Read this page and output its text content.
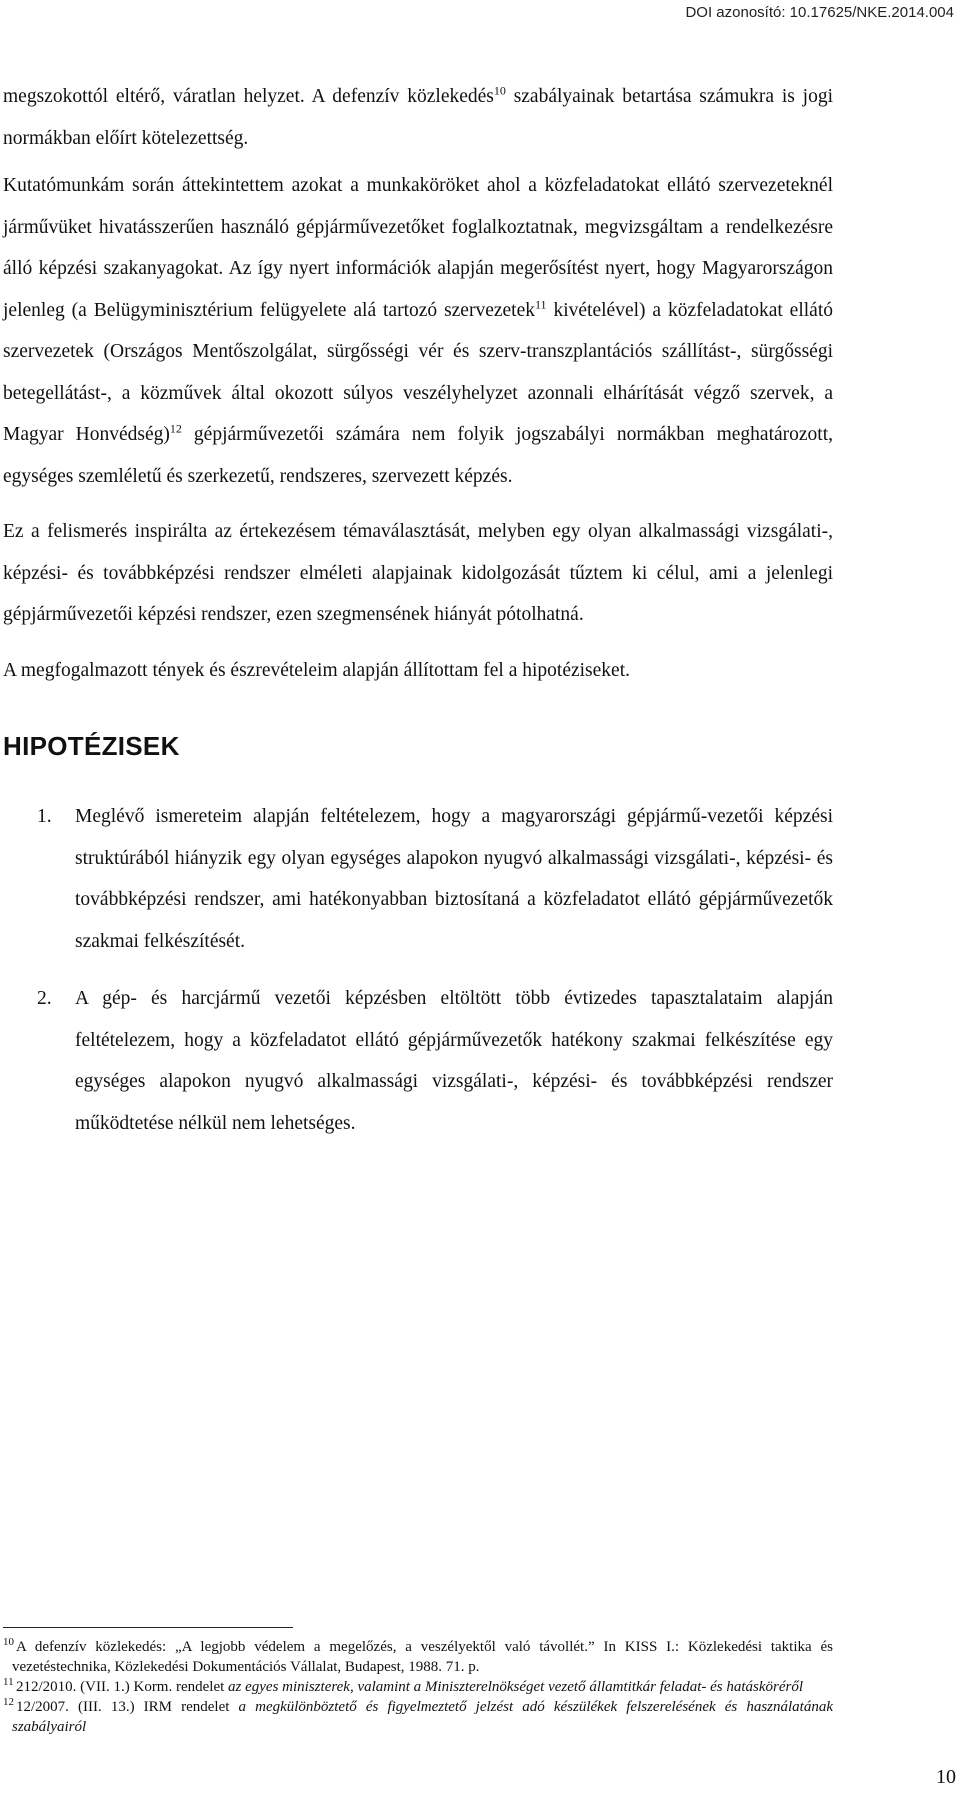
DOI azonosító: 10.17625/NKE.2014.004

megszokottól eltérő, váratlan helyzet. A defenzív közlekedés$^{10}$ szabályainak betartása számukra is jogi normákban előírt kötelezettség.

Kutatómunkám során áttekintettem azokat a munkaköröket ahol a közfeladatokat ellátó szervezeteknél járművüket hivatásszerűen használó gépjárművezetőket foglalkoztatnak, megvizsgáltam a rendelkezésre álló képzési szakanyagokat. Az így nyert információk alapján megerősítést nyert, hogy Magyarországon jelenleg (a Belügyminisztérium felügyelete alá tartozó szervezetek$^{11}$ kivételével) a közfeladatokat ellátó szervezetek (Országos Mentőszolgálat, sürgősségi vér és szerv-transzplantációs szállítást-, sürgősségi betegellátást-, a közművek által okozott súlyos veszélyhelyzet azonnali elhárítását végző szervek, a Magyar Honvédség)$^{12}$ gépjárművezetői számára nem folyik jogszabályi normákban meghatározott, egységes szemléletű és szerkezetű, rendszeres, szervezett képzés.

Ez a felismerés inspirálta az értekezésem témaválasztását, melyben egy olyan alkalmassági vizsgálati-, képzési- és továbbképzési rendszer elméleti alapjainak kidolgozását tűztem ki célul, ami a jelenlegi gépjárművezetői képzési rendszer, ezen szegmensének hiányát pótolhatná.

A megfogalmazott tények és észrevételeim alapján állítottam fel a hipotéziseket.

HIPOTÉZISEK
1. Meglévő ismereteim alapján feltételezem, hogy a magyarországi gépjármű-vezetői képzési struktúrából hiányzik egy olyan egységes alapokon nyugvó alkalmassági vizsgálati-, képzési- és továbbképzési rendszer, ami hatékonyabban biztosítaná a közfeladatot ellátó gépjárművezetők szakmai felkészítését.
2. A gép- és harcjármű vezetői képzésben eltöltött több évtizedes tapasztalataim alapján feltételezem, hogy a közfeladatot ellátó gépjárművezetők hatékony szakmai felkészítése egy egységes alapokon nyugvó alkalmassági vizsgálati-, képzési- és továbbképzési rendszer működtetése nélkül nem lehetséges.
10 A defenzív közlekedés: „A legjobb védelem a megelőzés, a veszélyektől való távollét.” In KISS I.: Közlekedési taktika és vezetéstechnika, Közlekedési Dokumentációs Vállalat, Budapest, 1988. 71. p.
11 212/2010. (VII. 1.) Korm. rendelet az egyes miniszterek, valamint a Miniszterelnökséget vezető államtitkár feladat- és hatásköréről
12 12/2007. (III. 13.) IRM rendelet a megkülönböztető és figyelmeztető jelzést adó készülékek felszerelésének és használatának szabályairól
10
